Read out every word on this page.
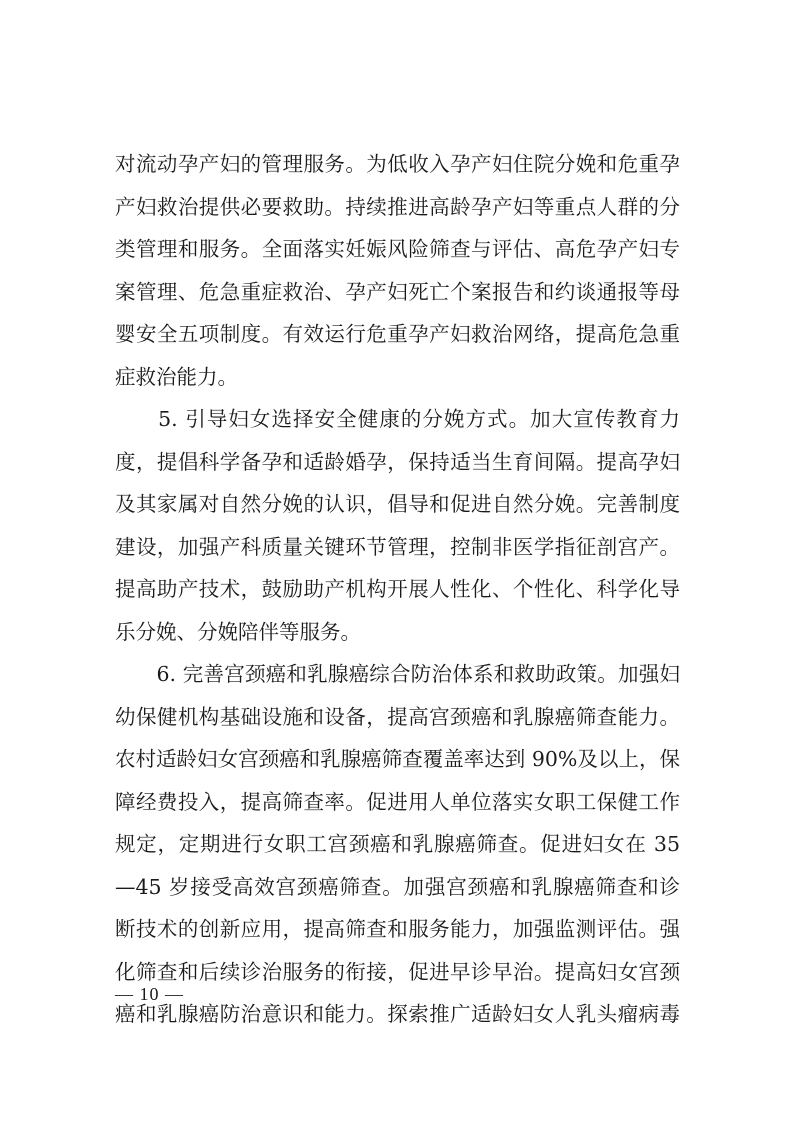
对流动孕产妇的管理服务。为低收入孕产妇住院分娩和危重孕
产妇救治提供必要救助。持续推进高龄孕产妇等重点人群的分
类管理和服务。全面落实妊娠风险筛查与评估、高危孕产妇专
案管理、危急重症救治、孕产妇死亡个案报告和约谈通报等母
婴安全五项制度。有效运行危重孕产妇救治网络，提高危急重
症救治能力。
　　5. 引导妇女选择安全健康的分娩方式。加大宣传教育力
度，提倡科学备孕和适龄婚孕，保持适当生育间隔。提高孕妇
及其家属对自然分娩的认识，倡导和促进自然分娩。完善制度
建设，加强产科质量关键环节管理，控制非医学指征剖宫产。
提高助产技术，鼓励助产机构开展人性化、个性化、科学化导
乐分娩、分娩陪伴等服务。
　　6. 完善宫颈癌和乳腺癌综合防治体系和救助政策。加强妇
幼保健机构基础设施和设备，提高宫颈癌和乳腺癌筛查能力。
农村适龄妇女宫颈癌和乳腺癌筛查覆盖率达到 90%及以上，保
障经费投入，提高筛查率。促进用人单位落实女职工保健工作
规定，定期进行女职工宫颈癌和乳腺癌筛查。促进妇女在 35
—45 岁接受高效宫颈癌筛查。加强宫颈癌和乳腺癌筛查和诊
断技术的创新应用，提高筛查和服务能力，加强监测评估。强
化筛查和后续诊治服务的衔接，促进早诊早治。提高妇女宫颈
癌和乳腺癌防治意识和能力。探索推广适龄妇女人乳头瘤病毒
— 10 —
